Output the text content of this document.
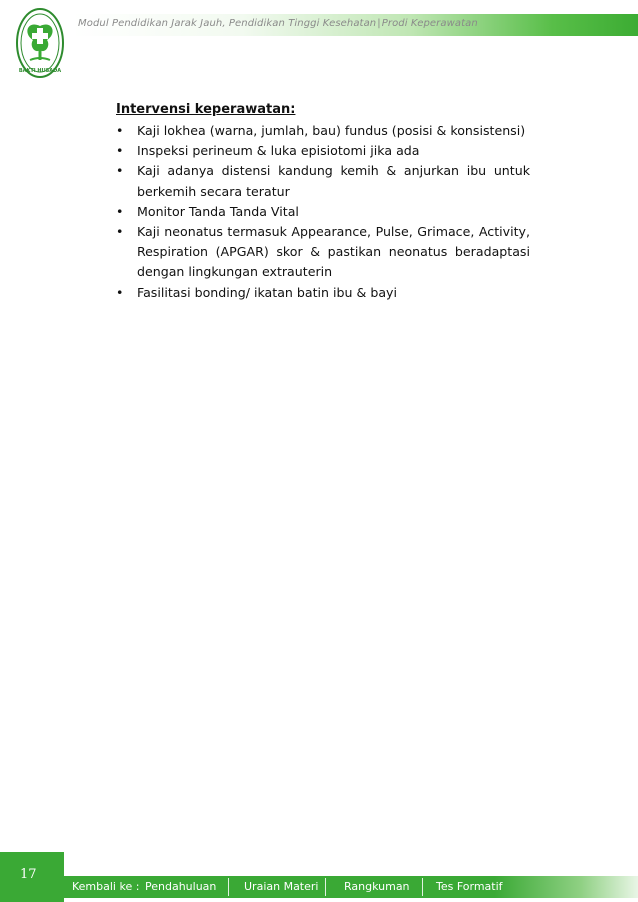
BAKTI HUSADA
Modul Pendidikan Jarak Jauh, Pendidikan Tinggi Kesehatan|Prodi Keperawatan
Intervensi keperawatan:
• Kaji lokhea (warna, jumlah, bau) fundus (posisi & konsistensi)
• Inspeksi perineum & luka episiotomi jika ada
• Kaji adanya distensi kandung kemih & anjurkan ibu untuk berkemih secara teratur
• Monitor Tanda Tanda Vital
• Kaji neonatus termasuk Appearance, Pulse, Grimace, Activity, Respiration (APGAR) skor & pastikan neonatus beradaptasi dengan lingkungan extrauterin
• Fasilitasi bonding/ ikatan batin ibu & bayi
17
Kembali ke : Pendahuluan	Uraian Materi Rangkuman Tes Formatif
